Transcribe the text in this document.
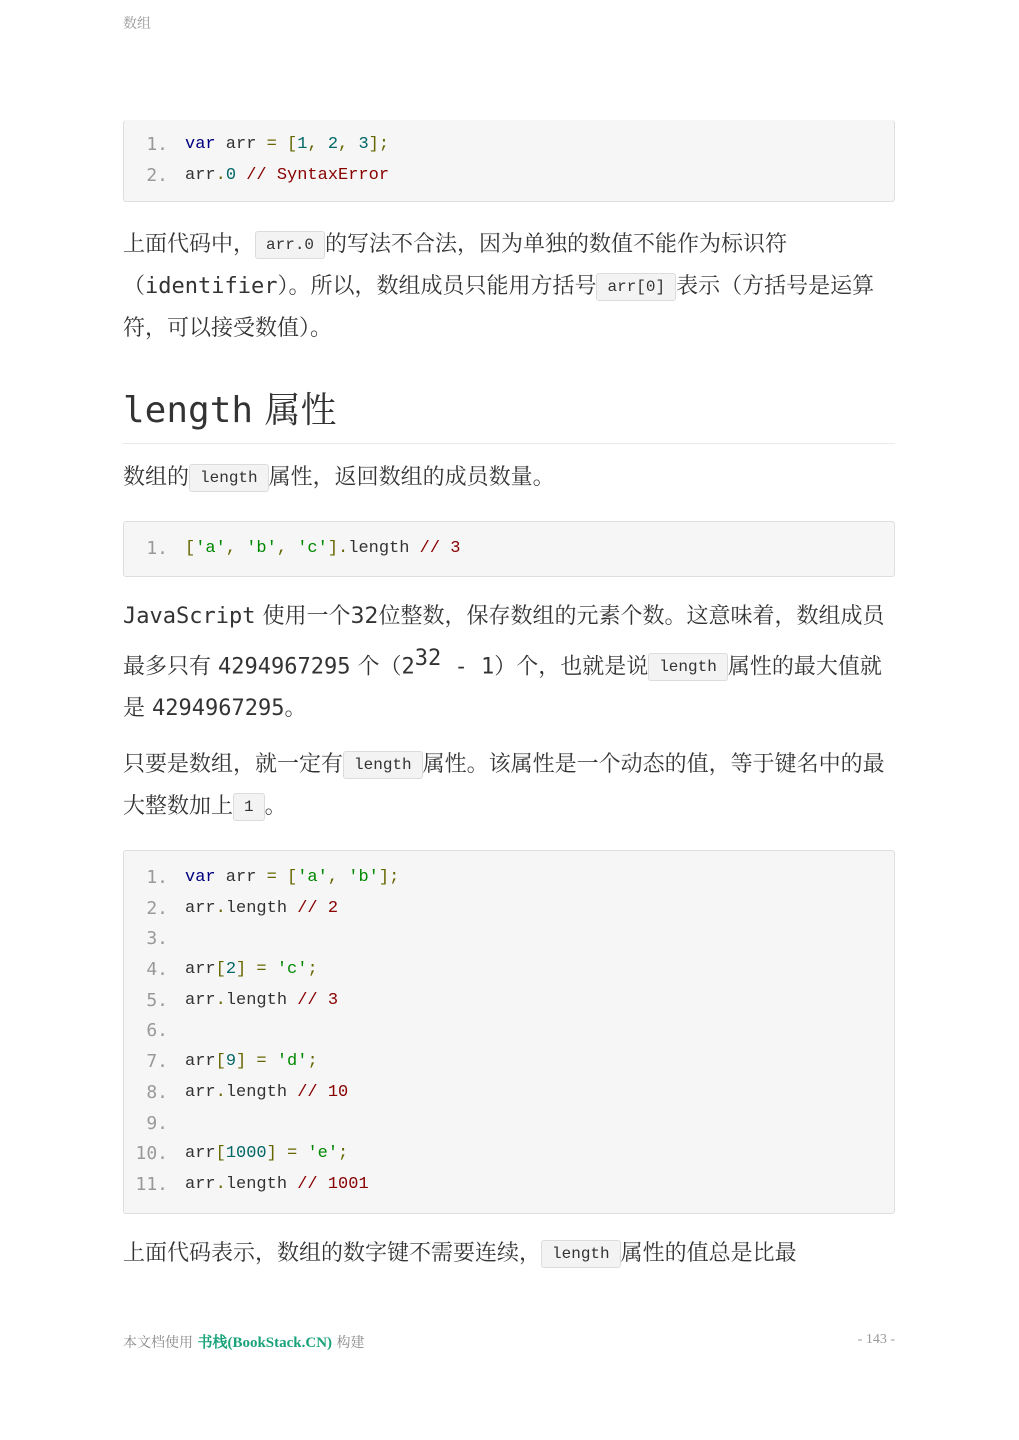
数组
1. var arr = [1, 2, 3];
2. arr.0 // SyntaxError
上面代码中， arr.0 的写法不合法，因为单独的数值不能作为标识符（identifier）。所以，数组成员只能用方括号 arr[0] 表示（方括号是运算符，可以接受数值）。
length 属性
数组的 length 属性，返回数组的成员数量。
1. ['a', 'b', 'c'].length // 3
JavaScript 使用一个32位整数，保存数组的元素个数。这意味着，数组成员最多只有 4294967295 个$(2^{32} - 1)$个，也就是说 length 属性的最大值就是 4294967295。
只要是数组，就一定有 length 属性。该属性是一个动态的值，等于键名中的最大整数加上 1 。
1. var arr = ['a', 'b'];
2. arr.length // 2
3.
4. arr[2] = 'c';
5. arr.length // 3
6.
7. arr[9] = 'd';
8. arr.length // 10
9.
10. arr[1000] = 'e';
11. arr.length // 1001
上面代码表示，数组的数字键不需要连续， length 属性的值总是比最
本文档使用 书栈(BookStack.CN) 构建	- 143 -
